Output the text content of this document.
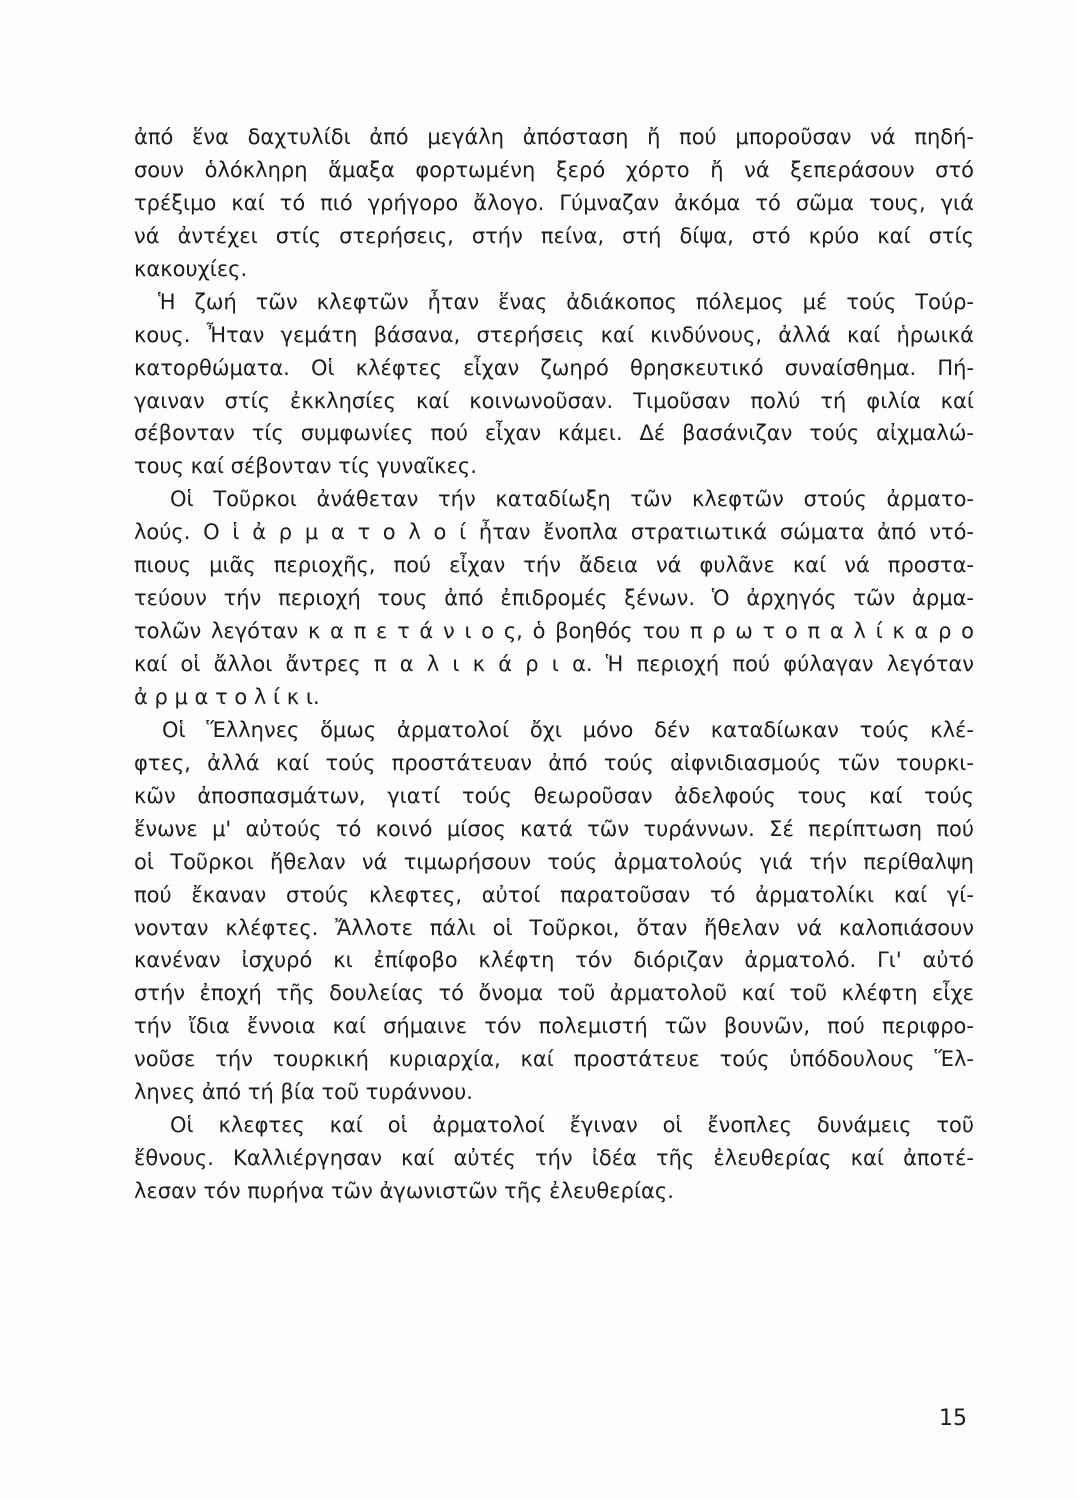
ἀπό ἕνα δαχτυλίδι ἀπό μεγάλη ἀπόσταση ἤ πού μποροῦσαν νά πηδή-
σουν ὁλόκληρη ἅμαξα φορτωμένη ξερό χόρτο ἤ νά ξεπεράσουν στό
τρέξιμο καί τό πιό γρήγορο ἄλογο. Γύμναζαν ἀκόμα τό σῶμα τους, γιά
νά ἀντέχει στίς στερήσεις, στήν πείνα, στή δίψα, στό κρύο καί στίς
κακουχίες.
Ἡ ζωή τῶν κλεφτῶν ἦταν ἕνας ἀδιάκοπος πόλεμος μέ τούς Τούρ-
κους. Ἦταν γεμάτη βάσανα, στερήσεις καί κινδύνους, ἀλλά καί ἡρωικά
κατορθώματα. Οἱ κλέφτες εἶχαν ζωηρό θρησκευτικό συναίσθημα. Πή-
γαιναν στίς ἐκκλησίες καί κοινωνοῦσαν. Τιμοῦσαν πολύ τή φιλία καί
σέβονταν τίς συμφωνίες πού εἶχαν κάμει. Δέ βασάνιζαν τούς αἰχμαλώ-
τους καί σέβονταν τίς γυναῖκες.
Οἱ Τοῦρκοι ἀνάθεταν τήν καταδίωξη τῶν κλεφτῶν στούς ἀρματο-
λούς. Ο ἱ ἀ ρ μ α τ ο λ ο ί ἦταν ἔνοπλα στρατιωτικά σώματα ἀπό ντό-
πιους μιᾶς περιοχῆς, πού εἶχαν τήν ἄδεια νά φυλᾶνε καί νά προστα-
τεύουν τήν περιοχή τους ἀπό ἐπιδρομές ξένων. Ὁ ἀρχηγός τῶν ἀρμα-
τολῶν λεγόταν κ α π ε τ ά ν ι ο ς, ὁ βοηθός του π ρ ω τ ο π α λ ί κ α ρ ο
καί οἱ ἄλλοι ἄντρες π α λ ι κ ά ρ ι α. Ἡ περιοχή πού φύλαγαν λεγόταν
ἀ ρ μ α τ ο λ ί κ ι.
Οἱ Ἕλληνες ὅμως ἀρματολοί ὄχι μόνο δέν καταδίωκαν τούς κλέ-
φτες, ἀλλά καί τούς προστάτευαν ἀπό τούς αἰφνιδιασμούς τῶν τουρκι-
κῶν ἀποσπασμάτων, γιατί τούς θεωροῦσαν ἀδελφούς τους καί τούς
ἕνωνε μ' αὐτούς τό κοινό μίσος κατά τῶν τυράννων. Σέ περίπτωση πού
οἱ Τοῦρκοι ἤθελαν νά τιμωρήσουν τούς ἀρματολούς γιά τήν περίθαλψη
πού ἔκαναν στούς κλεφτες, αὐτοί παρατοῦσαν τό ἀρματολίκι καί γί-
νονταν κλέφτες. Ἄλλοτε πάλι οἱ Τοῦρκοι, ὅταν ἤθελαν νά καλοπιάσουν
κανέναν ἰσχυρό κι ἐπίφοβο κλέφτη τόν διόριζαν ἀρματολό. Γι' αὐτό
στήν ἐποχή τῆς δουλείας τό ὄνομα τοῦ ἀρματολοῦ καί τοῦ κλέφτη εἶχε
τήν ἴδια ἔννοια καί σήμαινε τόν πολεμιστή τῶν βουνῶν, πού περιφρο-
νοῦσε τήν τουρκική κυριαρχία, καί προστάτευε τούς ὑπόδουλους Ἕλ-
ληνες ἀπό τή βία τοῦ τυράννου.
Οἱ κλεφτες καί οἱ ἀρματολοί ἔγιναν οἱ ἔνοπλες δυνάμεις τοῦ
ἔθνους. Καλλιέργησαν καί αὐτές τήν ἰδέα τῆς ἐλευθερίας καί ἀποτέ-
λεσαν τόν πυρήνα τῶν ἀγωνιστῶν τῆς ἐλευθερίας.
15
